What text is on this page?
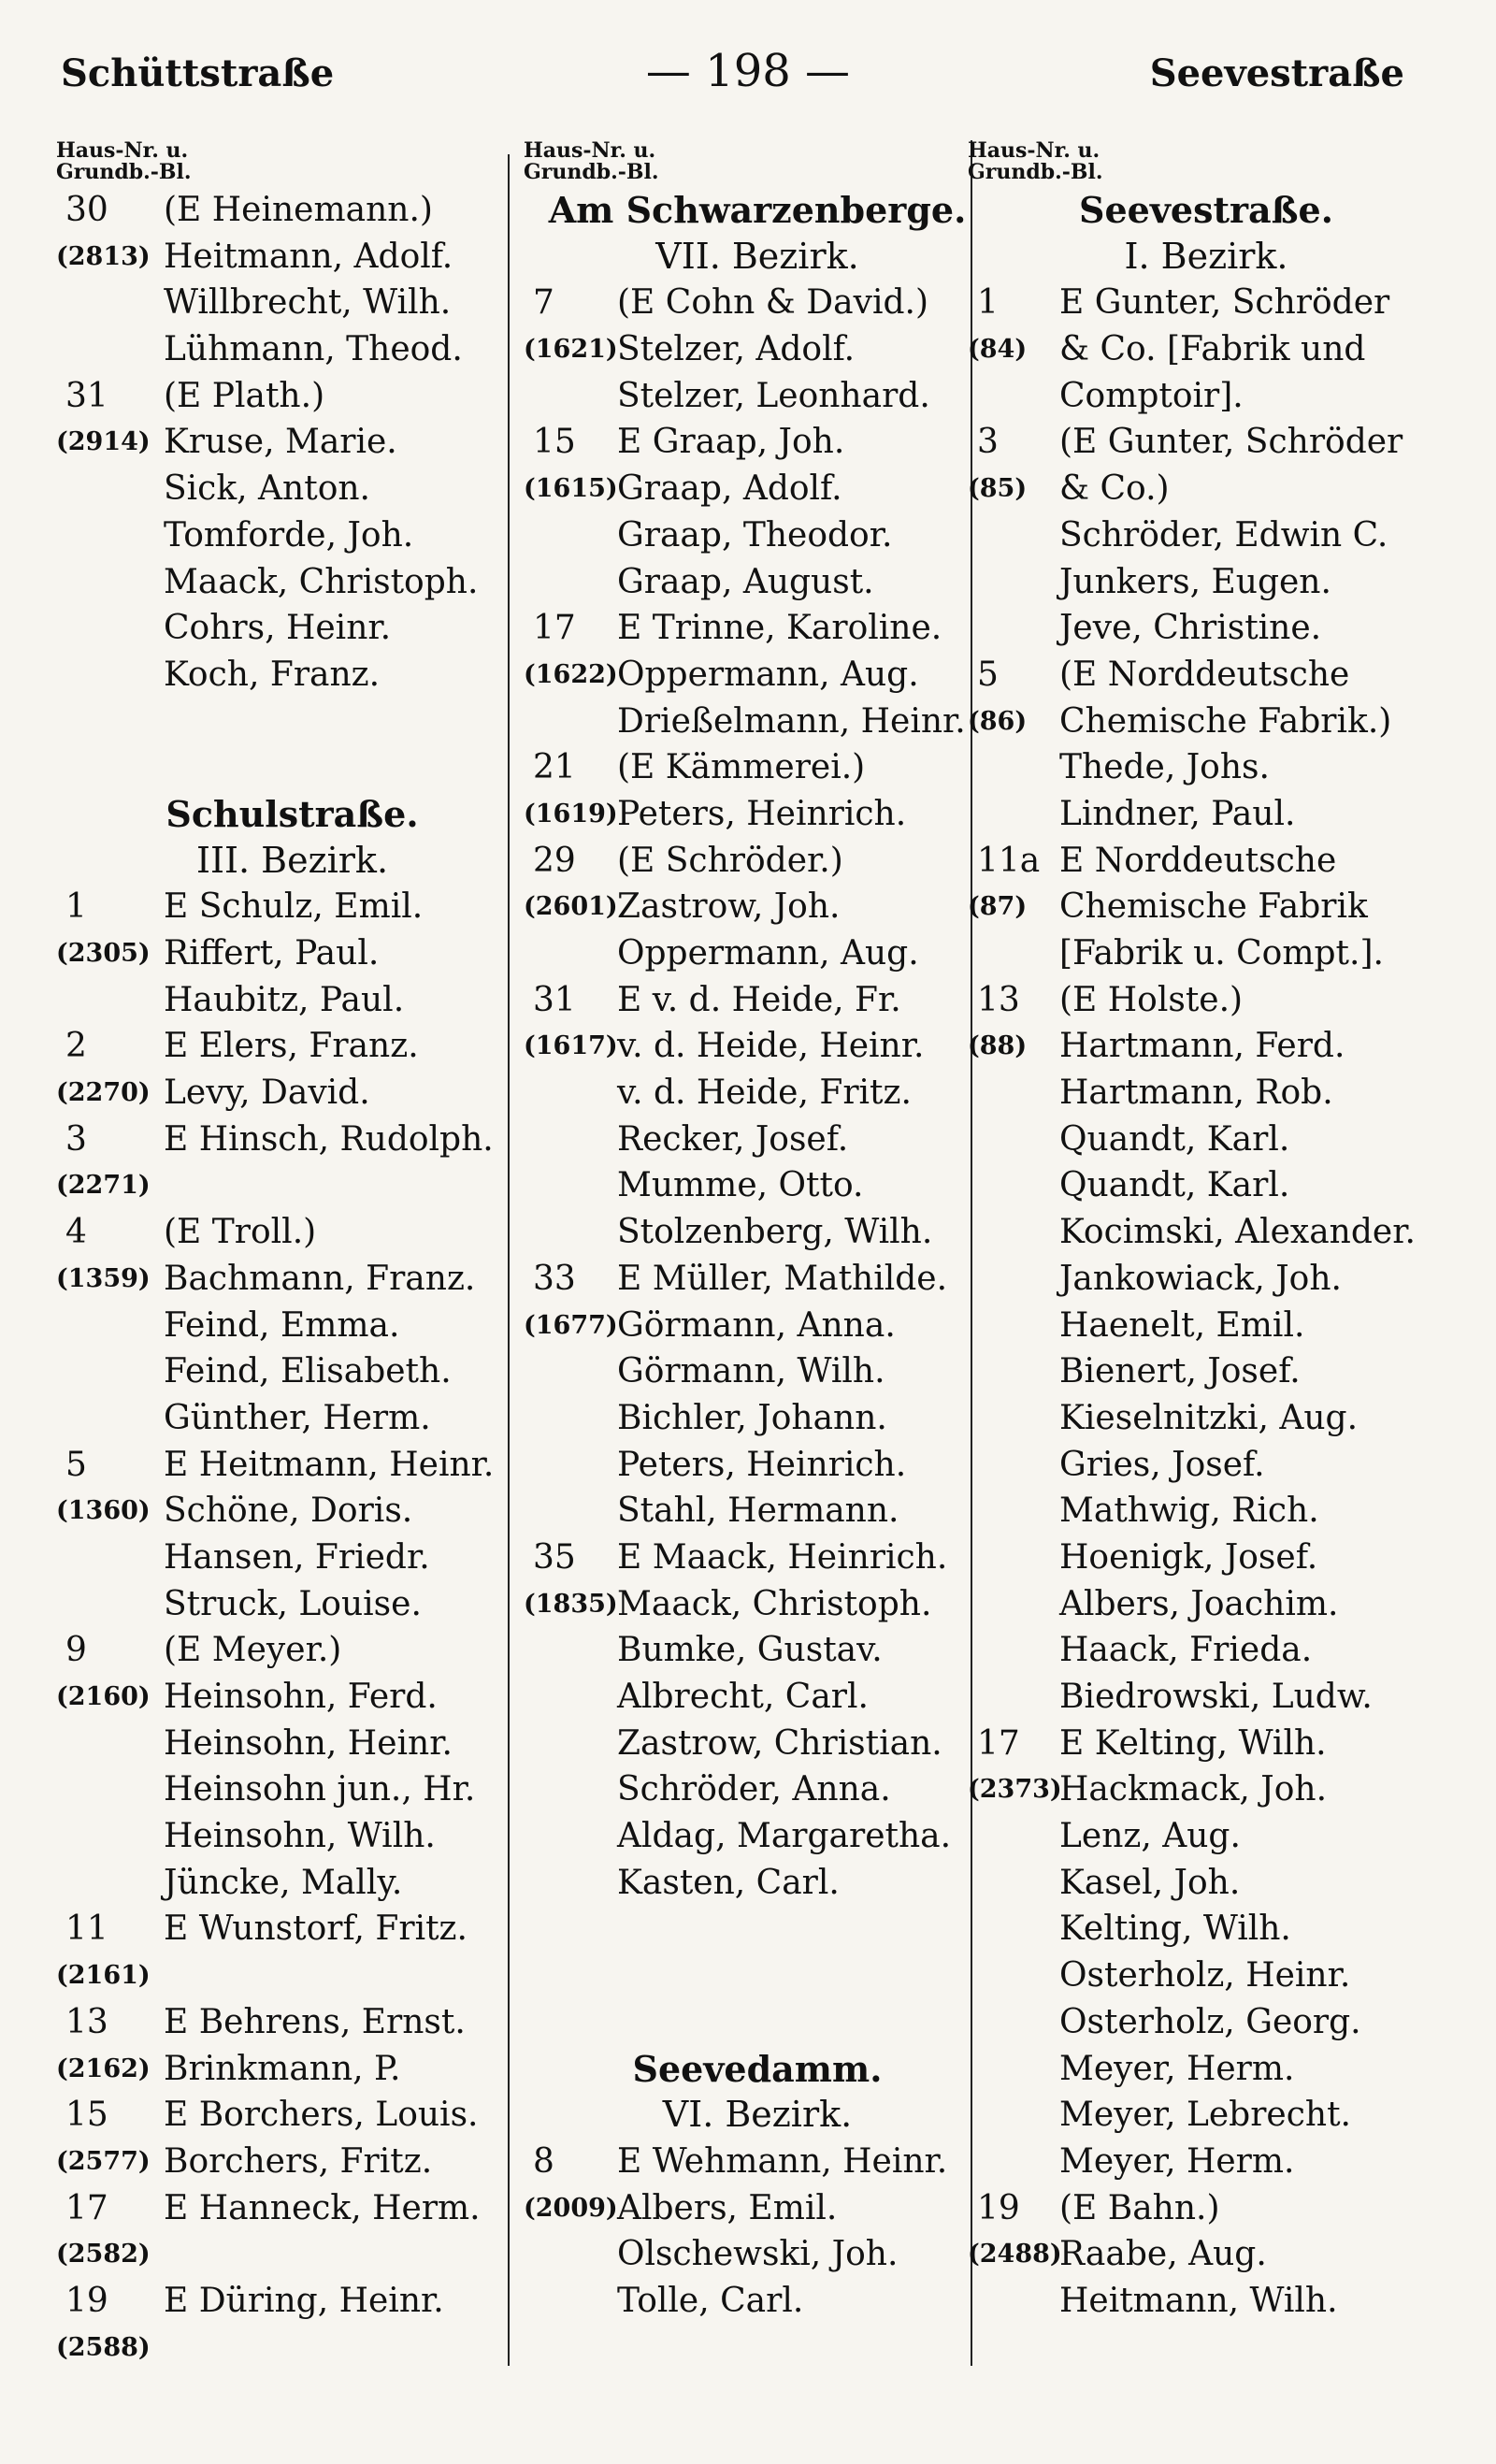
Schüttstraße	— 198 —	Seevestraße
Haus-Nr. u.
Grundb.-Bl.
30	(E Heinemann.)
(2813) Heitmann, Adolf.
Willbrecht, Wilh.
Lühmann, Theod.
31	(E Plath.)
(2914) Kruse, Marie.
Sick, Anton.
Tomforde, Joh.
Maack, Christoph.
Cohrs, Heinr.
Koch, Franz.
Schulstraße.
III. Bezirk.
1	E Schulz, Emil.
(2305) Riffert, Paul.
Haubitz, Paul.
2	E Elers, Franz.
(2270) Levy, David.
3	E Hinsch, Rudolph.
(2271)
4	(E Troll.)
(1359) Bachmann, Franz.
Feind, Emma.
Feind, Elisabeth.
Günther, Herm.
5	E Heitmann, Heinr.
(1360) Schöne, Doris.
Hansen, Friedr.
Struck, Louise.
9	(E Meyer.)
(2160) Heinsohn, Ferd.
Heinsohn, Heinr.
Heinsohn jun., Hr.
Heinsohn, Wilh.
Jüncke, Mally.
11	E Wunstorf, Fritz.
(2161)
13	E Behrens, Ernst.
(2162) Brinkmann, P.
15	E Borchers, Louis.
(2577) Borchers, Fritz.
17	E Hanneck, Herm.
(2582)
19	E Düring, Heinr.
(2588)
Haus-Nr. u.
Grundb.-Bl.
Am Schwarzenberge.
VII. Bezirk.
7	(E Cohn & David.)
(1621) Stelzer, Adolf.
Stelzer, Leonhard.
15	E Graap, Joh.
(1615) Graap, Adolf.
Graap, Theodor.
Graap, August.
17	E Trinne, Karoline.
(1622) Oppermann, Aug.
Drießelmann, Heinr.
21	(E Kämmerei.)
(1619) Peters, Heinrich.
29	(E Schröder.)
(2601) Zastrow, Joh.
Oppermann, Aug.
31	E v. d. Heide, Fr.
(1617) v. d. Heide, Heinr.
v. d. Heide, Fritz.
Recker, Josef.
Mumme, Otto.
Stolzenberg, Wilh.
33	E Müller, Mathilde.
(1677) Görmann, Anna.
Görmann, Wilh.
Bichler, Johann.
Peters, Heinrich.
Stahl, Hermann.
35	E Maack, Heinrich.
(1835) Maack, Christoph.
Bumke, Gustav.
Albrecht, Carl.
Zastrow, Christian.
Schröder, Anna.
Aldag, Margaretha.
Kasten, Carl.
Seevedamm.
VI. Bezirk.
8	E Wehmann, Heinr.
(2009) Albers, Emil.
Olschewski, Joh.
Tolle, Carl.
Haus-Nr. u.
Grundb.-Bl.
Seevestraße.
I. Bezirk.
1	E Gunter, Schröder
(84) & Co. [Fabrik und
Comptoir].
3	(E Gunter, Schröder
(85) & Co.)
Schröder, Edwin C.
Junkers, Eugen.
Jeve, Christine.
5	(E Norddeutsche
(86) Chemische Fabrik.)
Thede, Johs.
Lindner, Paul.
11a E Norddeutsche
(87) Chemische Fabrik
[Fabrik u. Compt.].
13	(E Holste.)
(88) Hartmann, Ferd.
Hartmann, Rob.
Quandt, Karl.
Quandt, Karl.
Kocimski, Alexander.
Jankowiack, Joh.
Haenelt, Emil.
Bienert, Josef.
Kieselnitzki, Aug.
Gries, Josef.
Mathwig, Rich.
Hoenigk, Josef.
Albers, Joachim.
Haack, Frieda.
Biedrowski, Ludw.
17	E Kelting, Wilh.
(2373)
Hackmack, Joh.
Lenz, Aug.
Kasel, Joh.
Kelting, Wilh.
Osterholz, Heinr.
Osterholz, Georg.
Meyer, Herm.
Meyer, Lebrecht.
Meyer, Herm.
19	(E Bahn.)
(2488)
Raabe, Aug.
Heitmann, Wilh.
